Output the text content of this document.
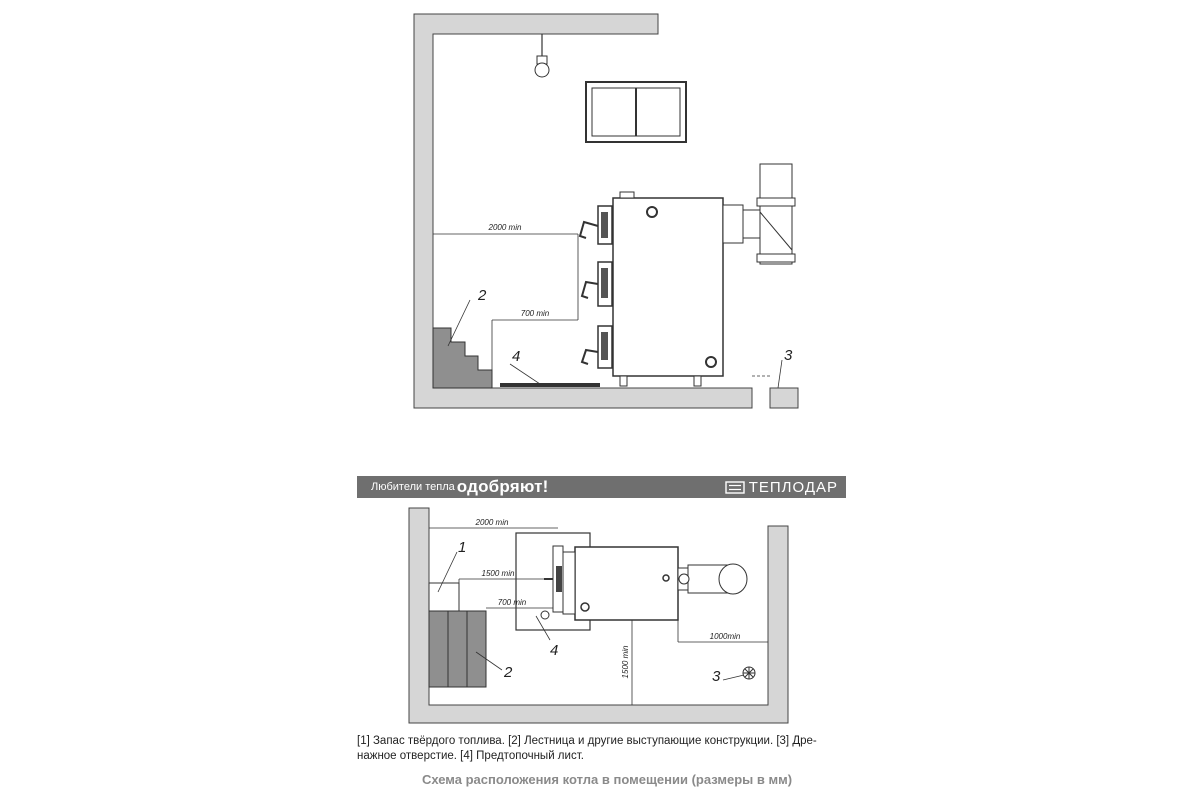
2000 min
700 min
2
4	3
2000 min
1500 min
700 min
1000min
1500 min
1
2
4
3
Любители тепла одобряют!	ТЕПЛОДАР
[1] Запас твёрдого топлива. [2] Лестница и другие выступающие конструкции. [3] Дре-
нажное отверстие. [4] Предтопочный лист.
Схема расположения котла в помещении (размеры в мм)
